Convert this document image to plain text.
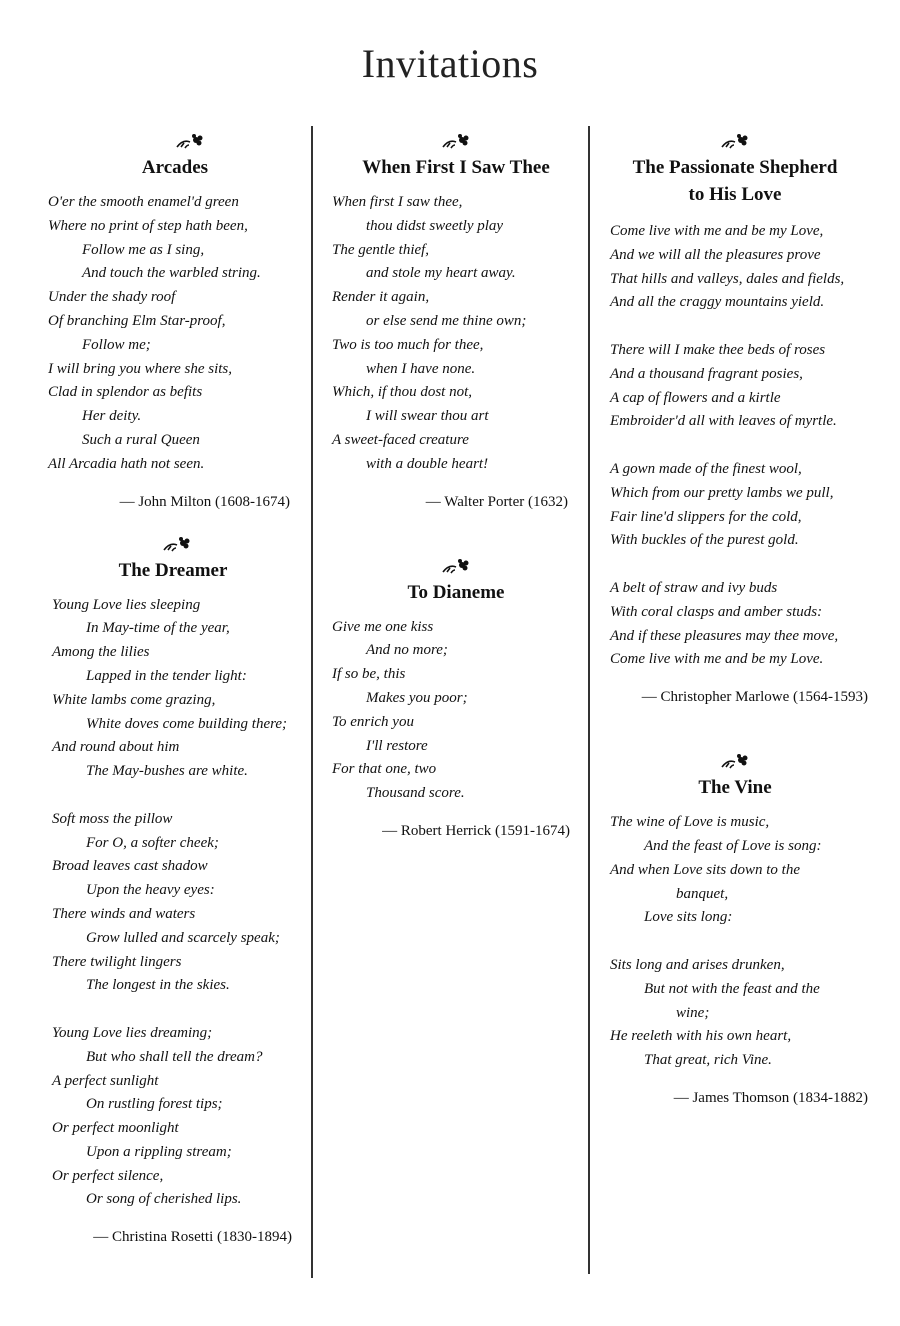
Invitations
Arcades
O'er the smooth enamel'd green
Where no print of step hath been,
Follow me as I sing,
And touch the warbled string.
Under the shady roof
Of branching Elm Star-proof,
Follow me;
I will bring you where she sits,
Clad in splendor as befits
Her deity.
Such a rural Queen
All Arcadia hath not seen.
— John Milton (1608-1674)
The Dreamer
Young Love lies sleeping
In May-time of the year,
Among the lilies
Lapped in the tender light:
White lambs come grazing,
White doves come building there;
And round about him
The May-bushes are white.
Soft moss the pillow
For O, a softer cheek;
Broad leaves cast shadow
Upon the heavy eyes:
There winds and waters
Grow lulled and scarcely speak;
There twilight lingers
The longest in the skies.
Young Love lies dreaming;
But who shall tell the dream?
A perfect sunlight
On rustling forest tips;
Or perfect moonlight
Upon a rippling stream;
Or perfect silence,
Or song of cherished lips.
— Christina Rosetti (1830-1894)
When First I Saw Thee
When first I saw thee,
thou didst sweetly play
The gentle thief,
and stole my heart away.
Render it again,
or else send me thine own;
Two is too much for thee,
when I have none.
Which, if thou dost not,
I will swear thou art
A sweet-faced creature
with a double heart!
— Walter Porter (1632)
To Dianeme
Give me one kiss
And no more;
If so be, this
Makes you poor;
To enrich you
I'll restore
For that one, two
Thousand score.
— Robert Herrick (1591-1674)
The Passionate Shepherd
to His Love
Come live with me and be my Love,
And we will all the pleasures prove
That hills and valleys, dales and fields,
And all the craggy mountains yield.
There will I make thee beds of roses
And a thousand fragrant posies,
A cap of flowers and a kirtle
Embroider'd all with leaves of myrtle.
A gown made of the finest wool,
Which from our pretty lambs we pull,
Fair line'd slippers for the cold,
With buckles of the purest gold.
A belt of straw and ivy buds
With coral clasps and amber studs:
And if these pleasures may thee move,
Come live with me and be my Love.
— Christopher Marlowe (1564-1593)
The Vine
The wine of Love is music,
And the feast of Love is song:
And when Love sits down to the
banquet,
Love sits long:
Sits long and arises drunken,
But not with the feast and the
wine;
He reeleth with his own heart,
That great, rich Vine.
— James Thomson (1834-1882)
